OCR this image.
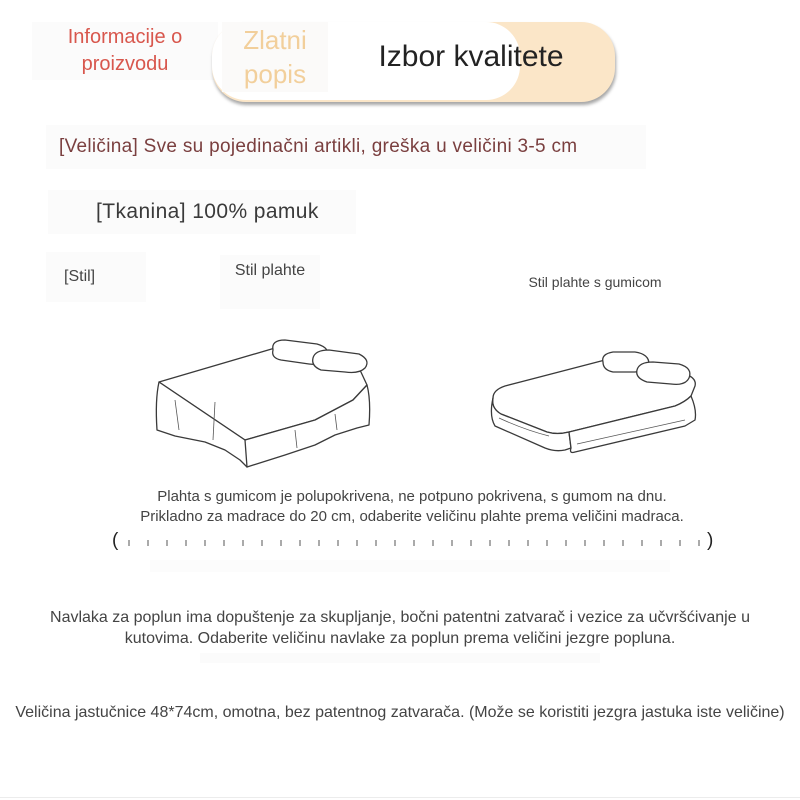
Informacije o proizvodu
Zlatni popis
Izbor kvalitete
[Veličina] Sve su pojedinačni artikli, greška u veličini 3-5 cm
[Tkanina] 100% pamuk
[Stil]	Stil plahte
Stil plahte s gumicom
Plahta s gumicom je polupokrivena, ne potpuno pokrivena, s gumom na dnu. Prikladno za madrace do 20 cm, odaberite veličinu plahte prema veličini madraca.
(	)
Navlaka za poplun ima dopuštenje za skupljanje, bočni patentni zatvarač i vezice za učvršćivanje u kutovima. Odaberite veličinu navlake za poplun prema veličini jezgre popluna.
Veličina jastučnice 48*74cm, omotna, bez patentnog zatvarača. (Može se koristiti jezgra jastuka iste veličine)
